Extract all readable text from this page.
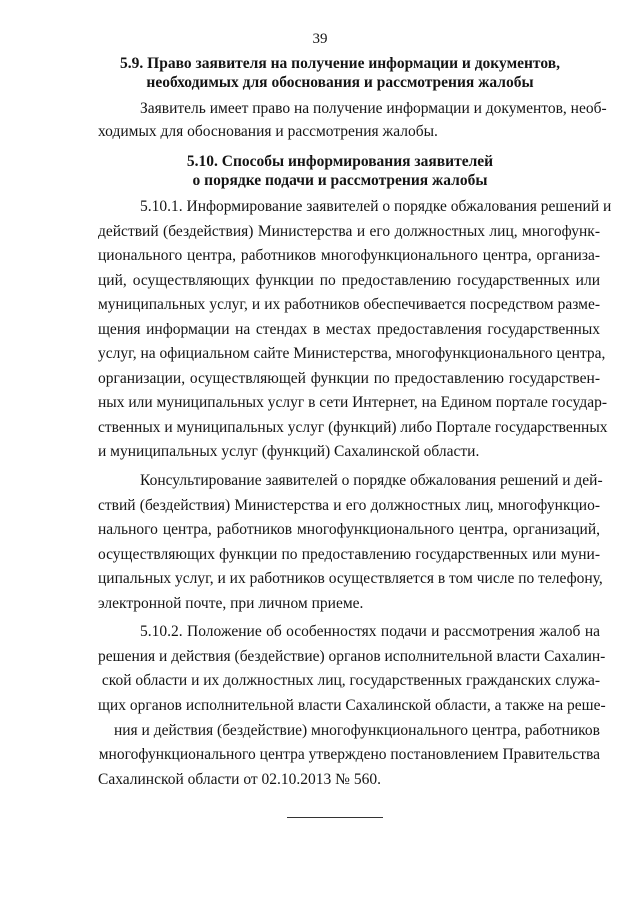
39
5.9. Право заявителя на получение информации и документов,
необходимых для обоснования и рассмотрения жалобы
Заявитель имеет право на получение информации и документов, необ-
ходимых для обоснования и рассмотрения жалобы.
5.10. Способы информирования заявителей
о порядке подачи и рассмотрения жалобы
5.10.1. Информирование заявителей о порядке обжалования решений и
действий (бездействия) Министерства и его должностных лиц, многофунк-
ционального центра, работников многофункционального центра, организа-
ций, осуществляющих функции по предоставлению государственных или
муниципальных услуг, и их работников обеспечивается посредством разме-
щения информации на стендах в местах предоставления государственных
услуг, на официальном сайте Министерства, многофункционального центра,
организации, осуществляющей функции по предоставлению государствен-
ных или муниципальных услуг в сети Интернет, на Едином портале государ-
ственных и муниципальных услуг (функций) либо Портале государственных
и муниципальных услуг (функций) Сахалинской области.
Консультирование заявителей о порядке обжалования решений и дей-
ствий (бездействия) Министерства и его должностных лиц, многофункцио-
нального центра, работников многофункционального центра, организаций,
осуществляющих функции по предоставлению государственных или муни-
ципальных услуг, и их работников осуществляется в том числе по телефону,
электронной почте, при личном приеме.
5.10.2. Положение об особенностях подачи и рассмотрения жалоб на
решения и действия (бездействие) органов исполнительной власти Сахалин-
ской области и их должностных лиц, государственных гражданских служа-
щих органов исполнительной власти Сахалинской области, а также на реше-
ния и действия (бездействие) многофункционального центра, работников
многофункционального центра утверждено постановлением Правительства
Сахалинской области от 02.10.2013 № 560.
